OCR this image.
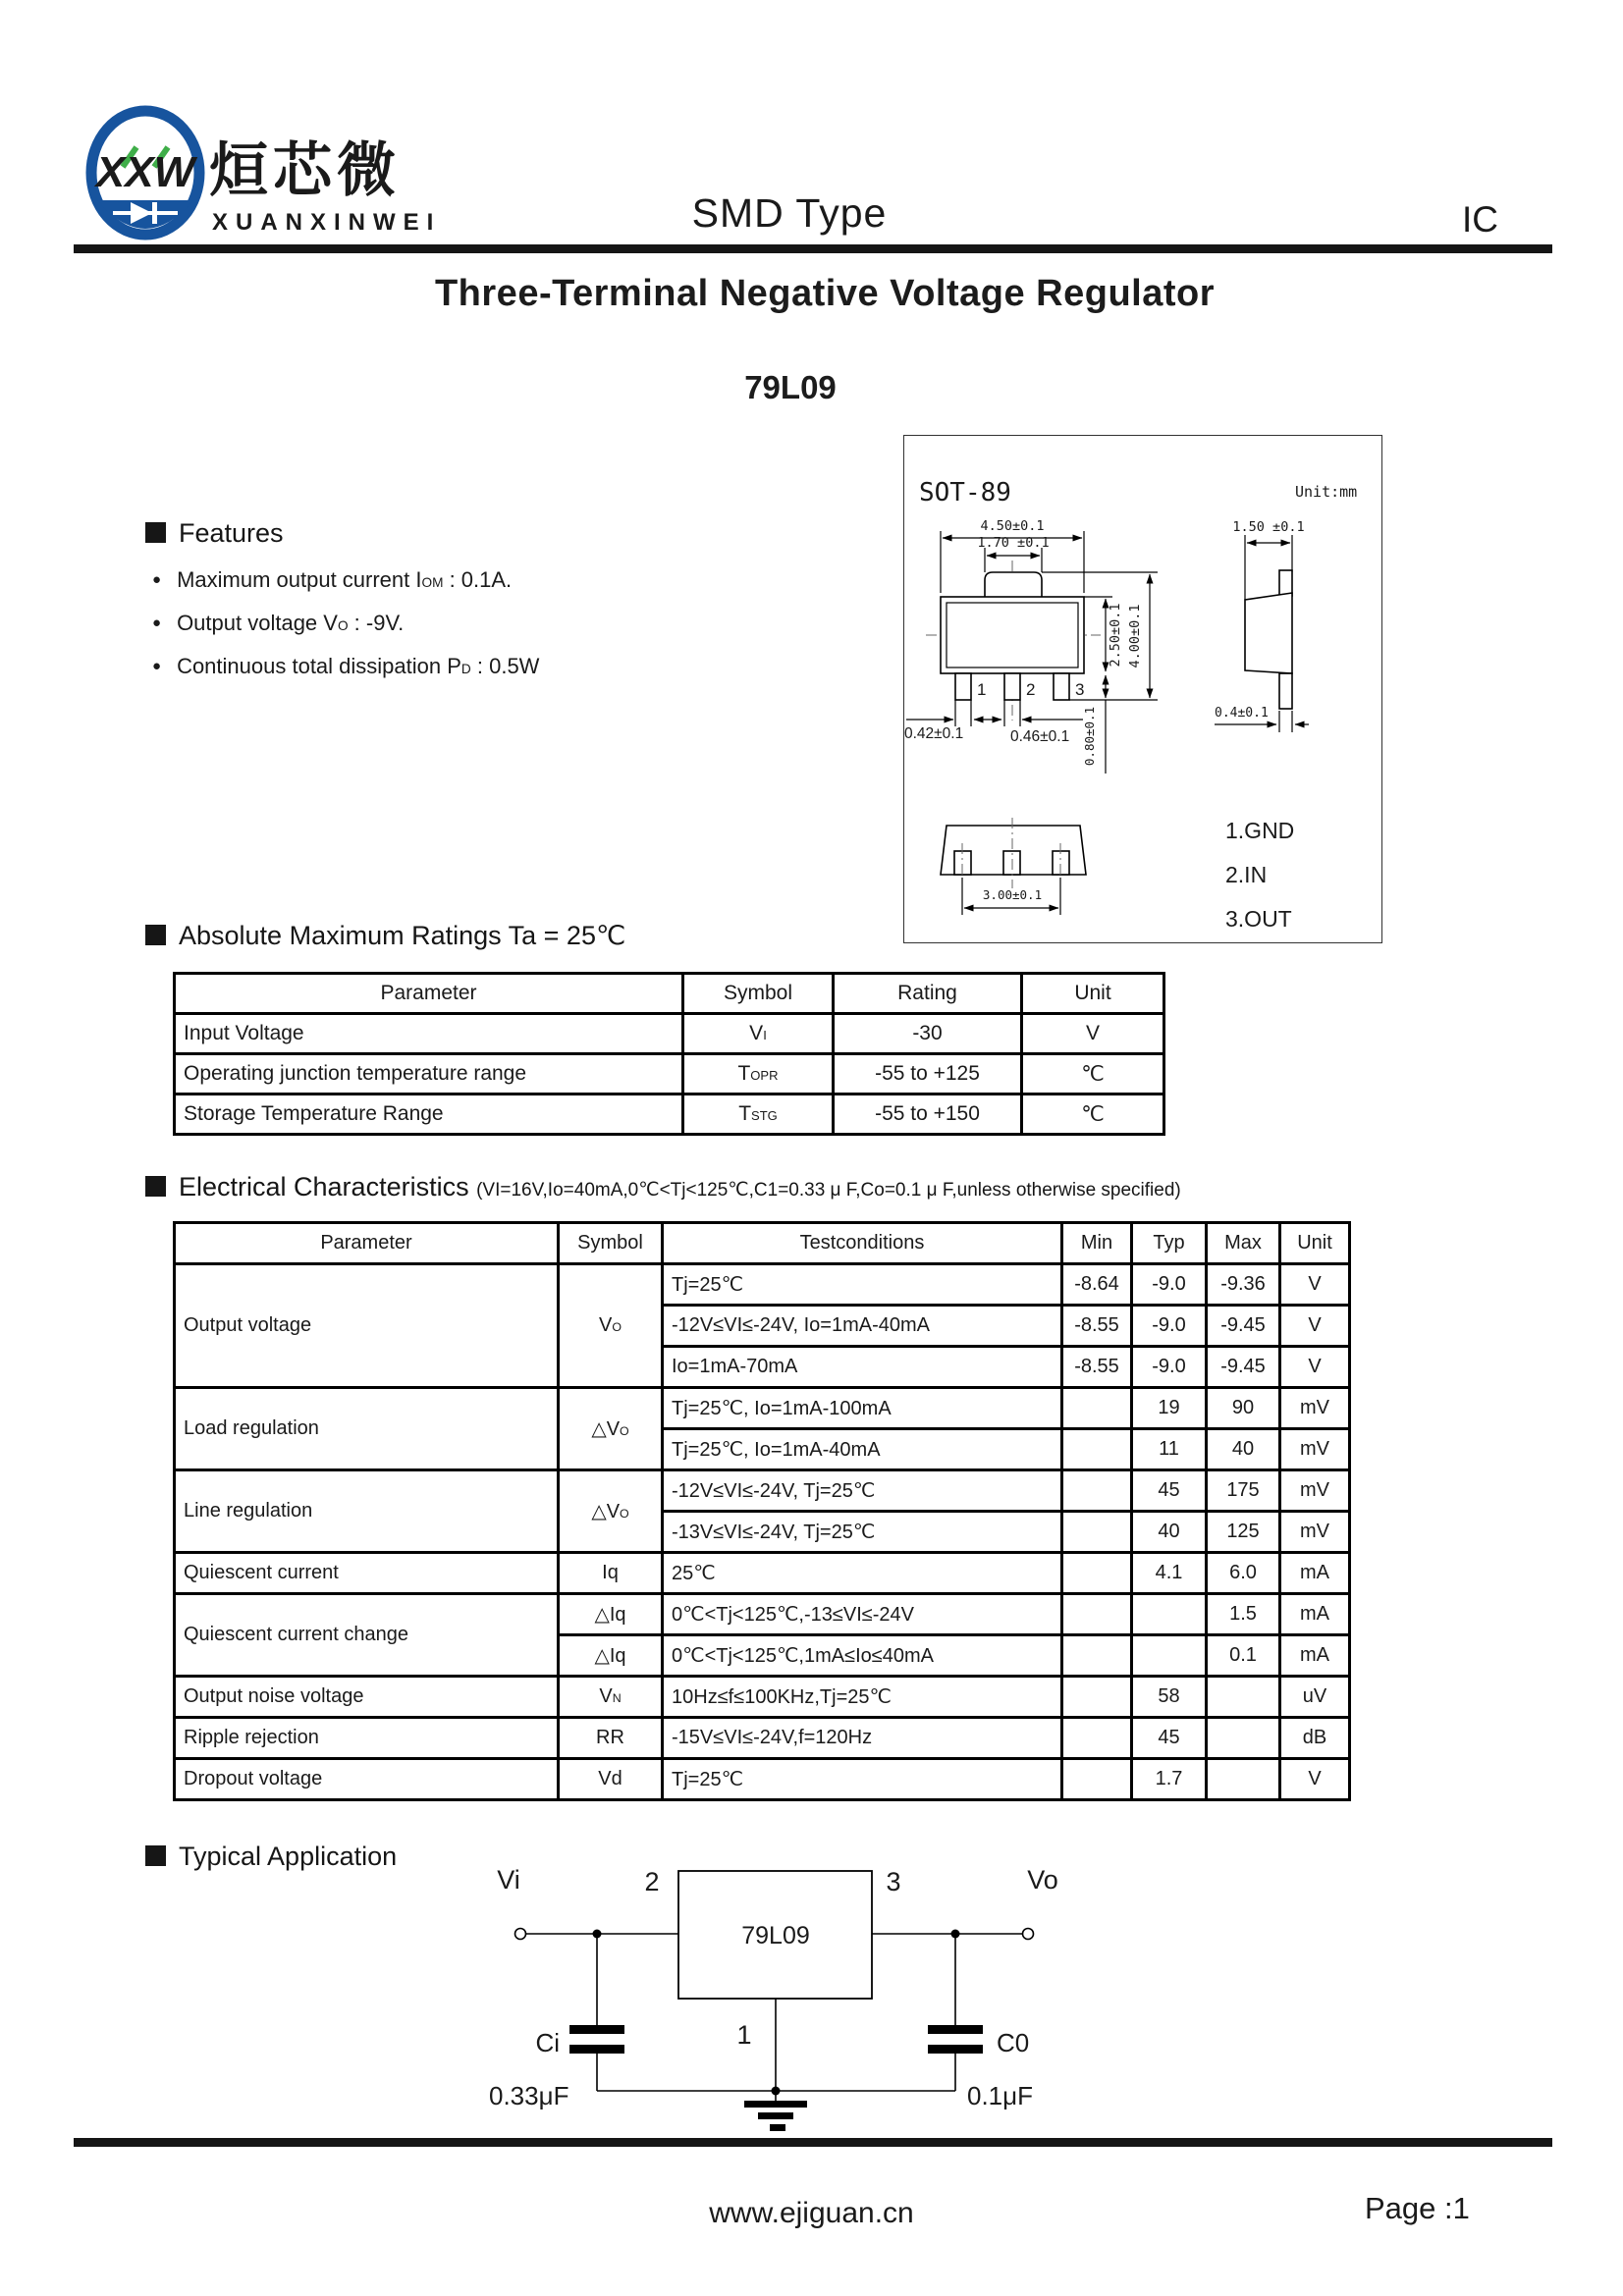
XXW 烜芯微
XUANXINWEI	SMD Type	IC
Three-Terminal Negative Voltage Regulator
79L09
SOT-89	Unit:mm
1 2 3
4.50±0.1
1.70 ±0.1
2.50±0.1 4.00±0.1
0.80±0.1
0.42±0.1	0.46±0.1
3.00±0.1
1.50 ±0.1
0.4±0.1
1.GND
2.IN
3.OUT
Features
● Maximum output current IOM : 0.1A.
● Output voltage VO : -9V.
● Continuous total dissipation PD : 0.5W
Absolute Maximum Ratings Ta = 25℃
Parameter	Symbol	Rating	Unit
Input Voltage	VI	-30	V
Operating junction temperature range	TOPR	-55 to +125	℃
Storage Temperature Range	TSTG	-55 to +150	℃
Electrical Characteristics (VI=16V,Io=40mA,0℃<Tj<125℃,C1=0.33 μ F,Co=0.1 μ F,unless otherwise specified)
Parameter	Symbol	Testconditions	Min	Typ	Max	Unit
Output voltage	VO	Tj=25℃	-8.64	-9.0	-9.36	V
		-12V≤VI≤-24V, Io=1mA-40mA	-8.55	-9.0	-9.45	V
		Io=1mA-70mA	-8.55	-9.0	-9.45	V
Load regulation	△VO	Tj=25℃, Io=1mA-100mA		19	90	mV
		Tj=25℃, Io=1mA-40mA		11	40	mV
Line regulation	△VO	-12V≤VI≤-24V, Tj=25℃		45	175	mV
		-13V≤VI≤-24V, Tj=25℃		40	125	mV
Quiescent current	Iq	25℃		4.1	6.0	mA
Quiescent current change	△Iq	0℃<Tj<125℃,-13≤VI≤-24V			1.5	mA
	△Iq	0℃<Tj<125℃,1mA≤Io≤40mA			0.1	mA
Output noise voltage	VN	10Hz≤f≤100KHz,Tj=25℃		58		uV
Ripple rejection	RR	-15V≤VI≤-24V,f=120Hz		45		dB
Dropout voltage	Vd	Tj=25℃		1.7		V
Typical Application
Vi	Vo
2	3
1
79L09
Ci
0.33μF
C0
0.1μF
www.ejiguan.cn	Page :1
